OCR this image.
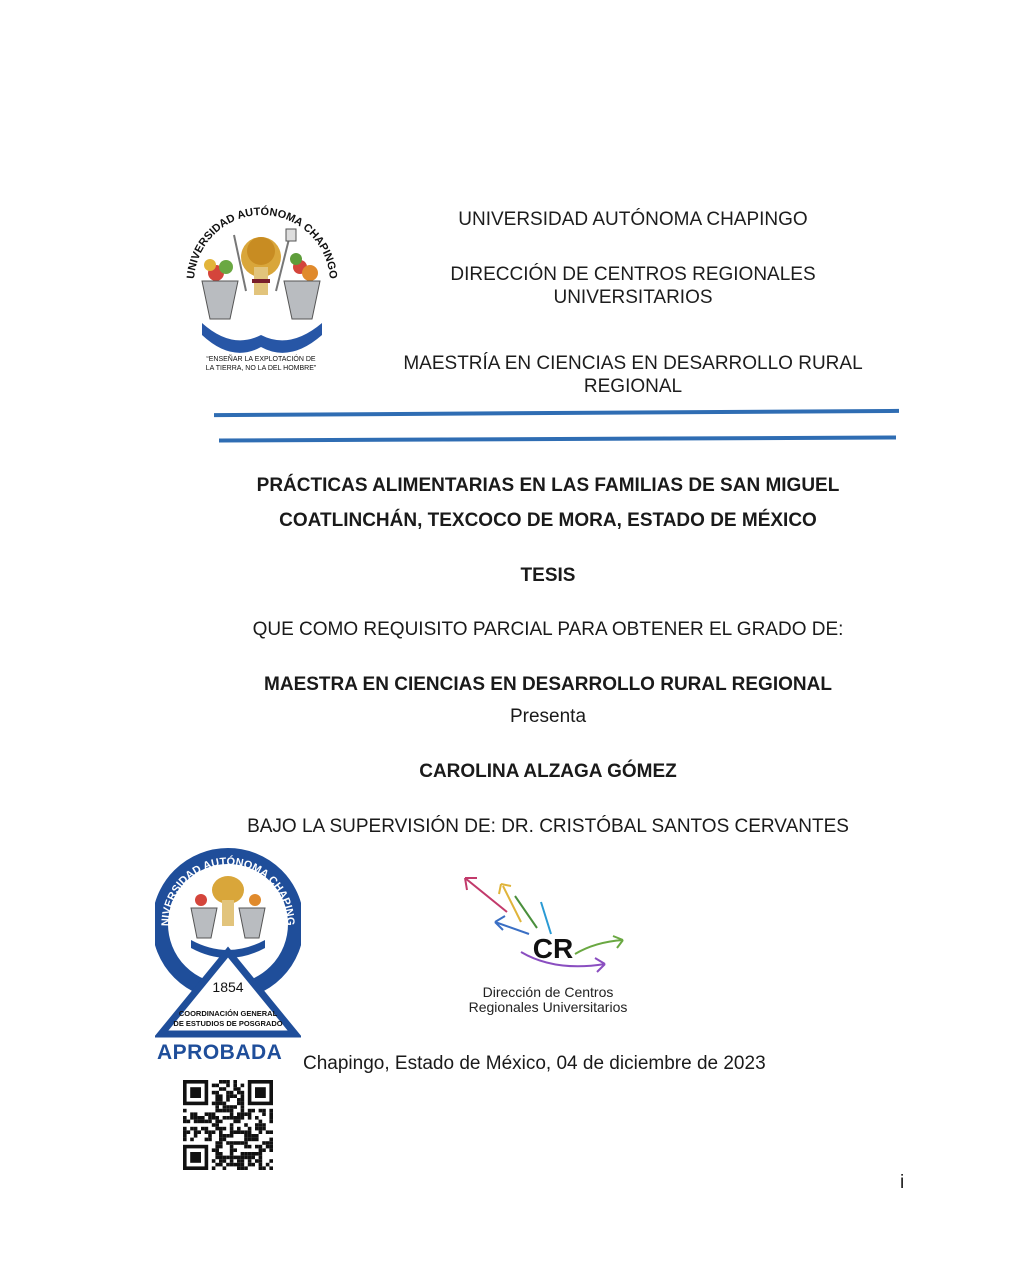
UNIVERSIDAD AUTÓNOMA CHAPINGO
“ENSEÑAR LA EXPLOTACIÓN DE
LA TIERRA, NO LA DEL HOMBRE”
UNIVERSIDAD AUTÓNOMA CHAPINGO
DIRECCIÓN DE CENTROS REGIONALES
UNIVERSITARIOS
MAESTRÍA EN CIENCIAS EN DESARROLLO RURAL
REGIONAL
PRÁCTICAS ALIMENTARIAS EN LAS FAMILIAS DE SAN MIGUEL
COATLINCHÁN, TEXCOCO DE MORA, ESTADO DE MÉXICO
TESIS
QUE COMO REQUISITO PARCIAL PARA OBTENER EL GRADO DE:
MAESTRA EN CIENCIAS EN DESARROLLO RURAL REGIONAL
Presenta
CAROLINA ALZAGA GÓMEZ
BAJO LA SUPERVISIÓN DE: DR. CRISTÓBAL SANTOS CERVANTES
NIVERSIDAD AUTÓNOMA CHAPING
1854
COORDINACIÓN GENERAL
DE ESTUDIOS DE POSGRADO
APROBADA
CR
Dirección de Centros
Regionales Universitarios
Chapingo, Estado de México, 04 de diciembre de 2023
i
